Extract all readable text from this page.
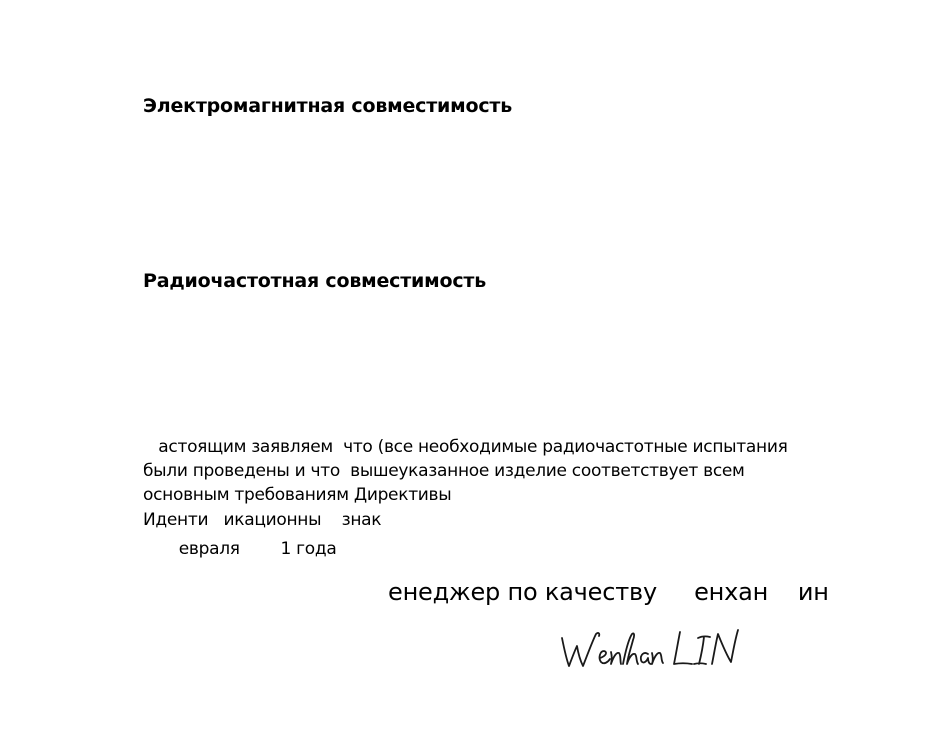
Электромагнитная совместимость
Радиочастотная совместимость

астоящим заявляем  что (все необходимые радиочастотные испытания
были проведены и что  вышеуказанное изделие соответствует всем
основным требованиям Директивы

Иденти   икационны    знак

евраля        1 года

енеджер по качеству     енхан    ин
